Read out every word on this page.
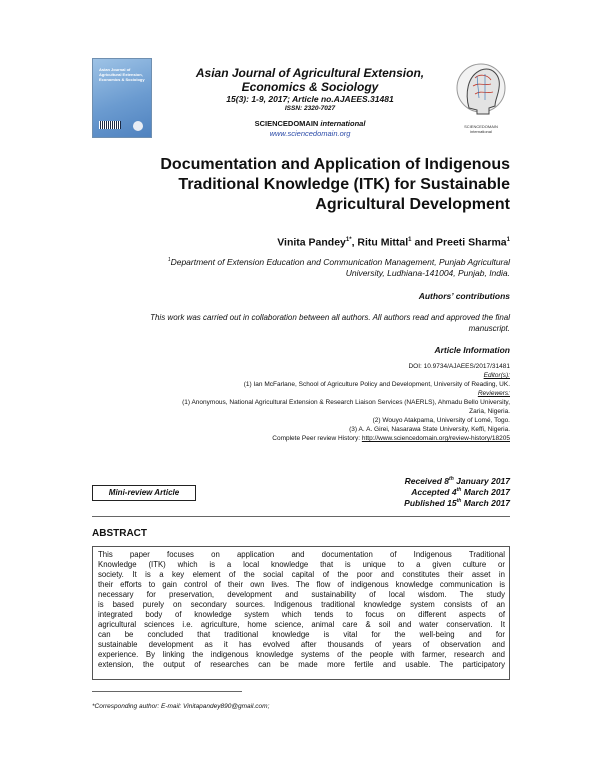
Asian Journal of Agricultural Extension, Economics & Sociology	Asian Journal of Agricultural Extension,
Economics & Sociology
15(3): 1-9, 2017; Article no.AJAEES.31481
ISSN: 2320-7027
SCIENCEDOMAIN international
www.sciencedomain.org
SCIENCEDOMAIN international
Documentation and Application of Indigenous
Traditional Knowledge (ITK) for Sustainable
Agricultural Development
Vinita Pandey$^{1*}$, Ritu Mittal$^1$ and Preeti Sharma$^1$
$^1$Department of Extension Education and Communication Management, Punjab Agricultural
University, Ludhiana-141004, Punjab, India.
Authors’ contributions
This work was carried out in collaboration between all authors. All authors read and approved the final
manuscript.
Article Information
DOI: 10.9734/AJAEES/2017/31481
Editor(s):
(1) Ian McFarlane, School of Agriculture Policy and Development, University of Reading, UK.
Reviewers:
(1) Anonymous, National Agricultural Extension & Research Liaison Services (NAERLS), Ahmadu Bello University,
Zaria, Nigeria.
(2) Wouyo Atakpama, University of Lomé, Togo.
(3) A. A. Girei, Nasarawa State University, Keffi, Nigeria.
Complete Peer review History: http://www.sciencedomain.org/review-history/18205
Received 8th January 2017
Accepted 4th March 2017
Published 15th March 2017
Mini-review Article
ABSTRACT
This paper focuses on application and documentation of Indigenous Traditional
Knowledge (ITK) which is a local knowledge that is unique to a given culture or
society. It is a key element of the social capital of the poor and constitutes their asset in
their efforts to gain control of their own lives. The flow of indigenous knowledge communication is
necessary for preservation, development and sustainability of local wisdom. The study
is based purely on secondary sources. Indigenous traditional knowledge system consists of an
integrated body of knowledge system which tends to focus on different aspects of
agricultural sciences i.e. agriculture, home science, animal care & soil and water conservation. It
can be concluded that traditional knowledge is vital for the well-being and for
sustainable development as it has evolved after thousands of years of observation and
experience. By linking the indigenous knowledge systems of the people with farmer, research and
extension, the output of researches can be made more fertile and usable. The participatory
*Corresponding author: E-mail: Vinitapandey890@gmail.com;
